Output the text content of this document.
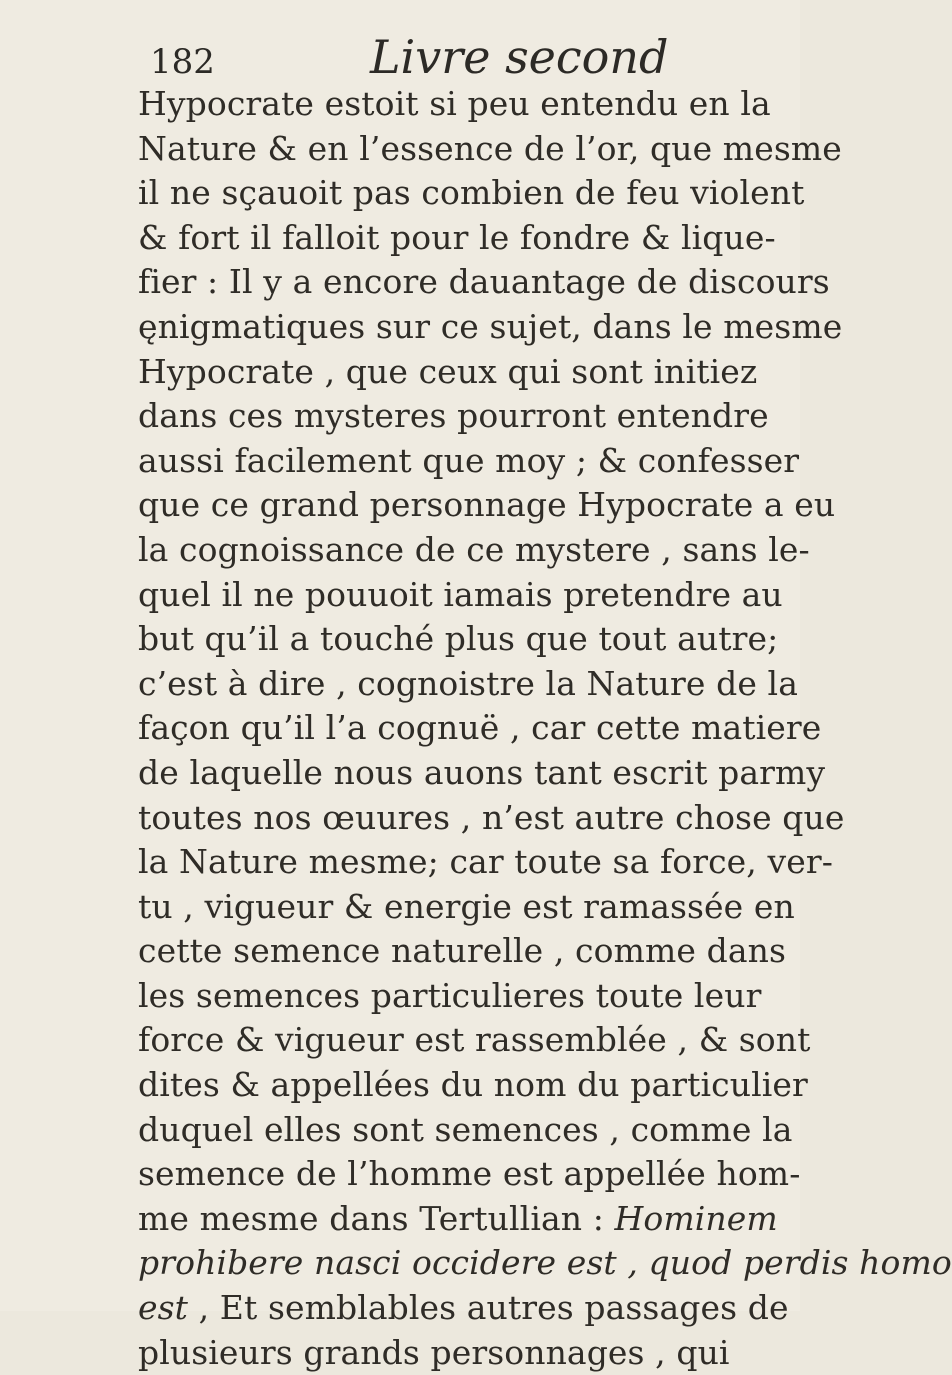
182	Livre second
Hypocrate estoit si peu entendu en la
Nature & en l’essence de l’or, que mesme
il ne sçauoit pas combien de feu violent
& fort il falloit pour le fondre & lique-
fier : Il y a encore dauantage de discours
ęnigmatiques sur ce sujet, dans le mesme
Hypocrate , que ceux qui sont initiez
dans ces mysteres pourront entendre
aussi facilement que moy ; & confesser
que ce grand personnage Hypocrate a eu
la cognoissance de ce mystere , sans le-
quel il ne pouuoit iamais pretendre au
but qu’il a touché plus que tout autre;
c’est à dire , cognoistre la Nature de la
façon qu’il l’a cognuë , car cette matiere
de laquelle nous auons tant escrit parmy
toutes nos œuures , n’est autre chose que
la Nature mesme; car toute sa force, ver-
tu , vigueur & energie est ramassée en
cette semence naturelle , comme dans
les semences particulieres toute leur
force & vigueur est rassemblée , & sont
dites & appellées du nom du particulier
duquel elles sont semences , comme la
semence de l’homme est appellée hom-
me mesme dans Tertullian : Hominem
prohibere nasci occidere est , quod perdis homo
est , Et semblables autres passages de
plusieurs grands personnages , qui
